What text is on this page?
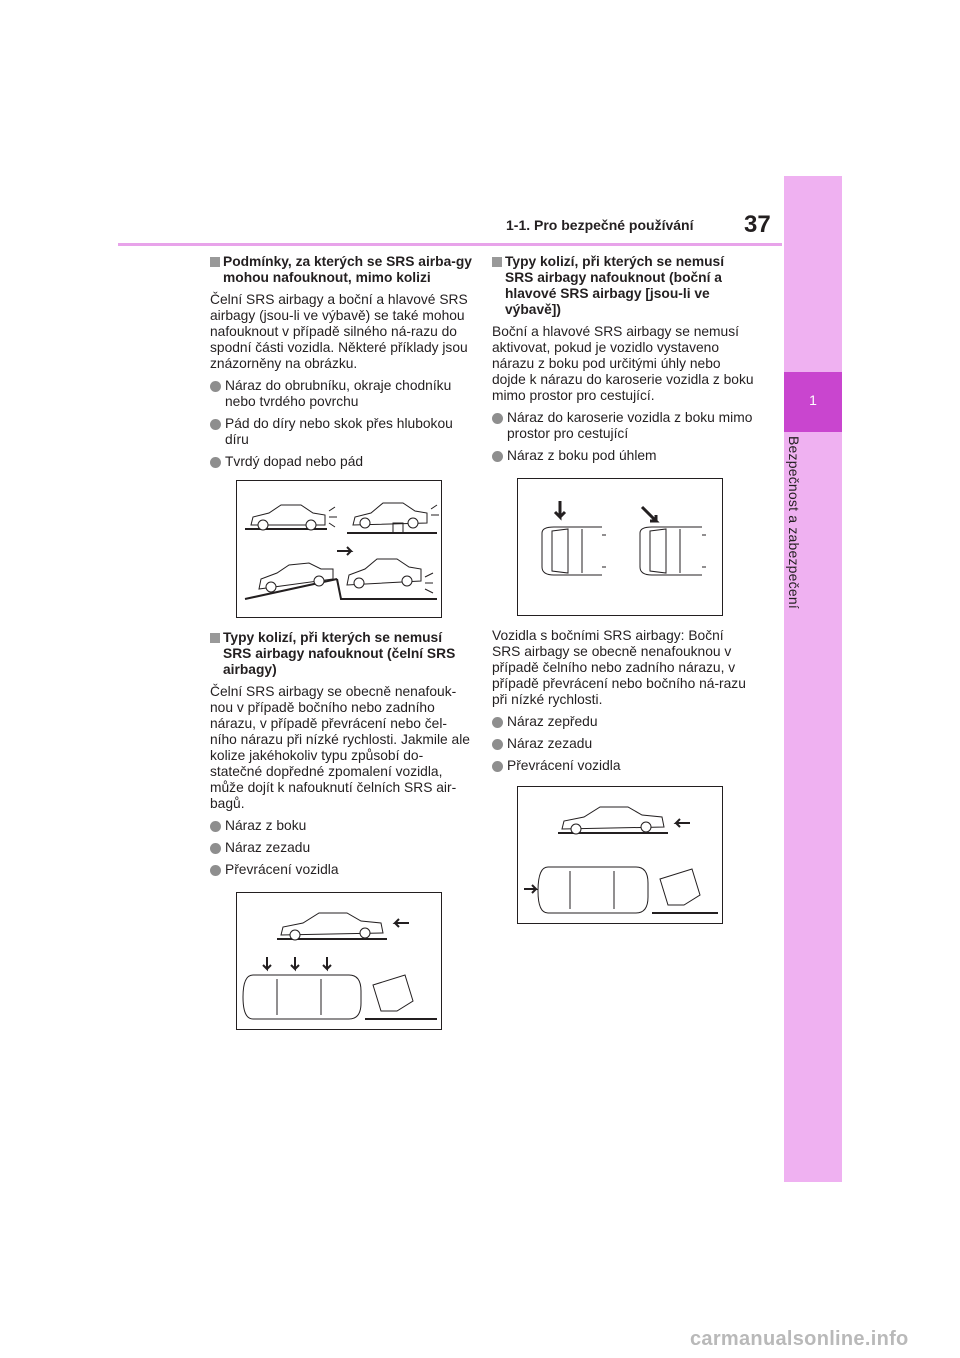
1-1. Pro bezpečné používání 37
1
Bezpečnost a zabezpečení
Podmínky, za kterých se SRS airba-gy mohou nafouknout, mimo kolizi
Čelní SRS airbagy a boční a hlavové SRS airbagy (jsou-li ve výbavě) se také mohou nafouknout v případě silného ná-razu do spodní části vozidla. Některé příklady jsou znázorněny na obrázku.
Náraz do obrubníku, okraje chodníku nebo tvrdého povrchu
Pád do díry nebo skok přes hlubokou díru
Tvrdý dopad nebo pád
Typy kolizí, při kterých se nemusí SRS airbagy nafouknout (čelní SRS airbagy)
Čelní SRS airbagy se obecně nenafouk-nou v případě bočního nebo zadního nárazu, v případě převrácení nebo čel-ního nárazu při nízké rychlosti. Jakmile ale kolize jakéhokoliv typu způsobí do-statečné dopředné zpomalení vozidla, může dojít k nafouknutí čelních SRS air-bagů.
Náraz z boku
Náraz zezadu
Převrácení vozidla
Typy kolizí, při kterých se nemusí SRS airbagy nafouknout (boční a hlavové SRS airbagy [jsou-li ve výbavě])
Boční a hlavové SRS airbagy se nemusí aktivovat, pokud je vozidlo vystaveno nárazu z boku pod určitými úhly nebo dojde k nárazu do karoserie vozidla z boku mimo prostor pro cestující.
Náraz do karoserie vozidla z boku mimo prostor pro cestující
Náraz z boku pod úhlem
Vozidla s bočními SRS airbagy: Boční SRS airbagy se obecně nenafouknou v případě čelního nebo zadního nárazu, v případě převrácení nebo bočního ná-razu při nízké rychlosti.
Náraz zepředu
Náraz zezadu
Převrácení vozidla
carmanualsonline.info
